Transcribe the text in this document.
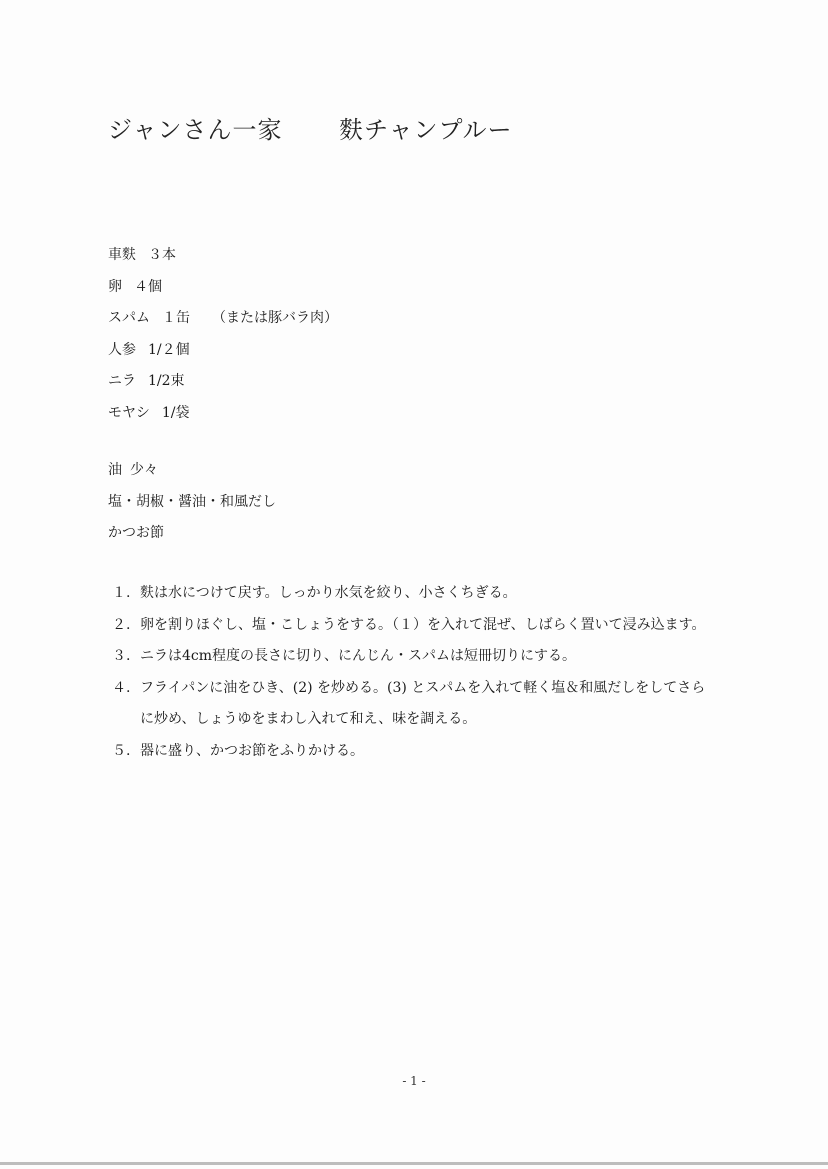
ジャンさん一家 麩チャンプルー
車麩 ３本
卵 ４個
スパム １缶 （または豚バラ肉）
人参 1/２個
ニラ 1/2束
モヤシ 1/袋
油 少々
塩・胡椒・醤油・和風だし
かつお節
１. 麩は水につけて戻す。しっかり水気を絞り、小さくちぎる。
２. 卵を割りほぐし、塩・こしょうをする。（１）を入れて混ぜ、しばらく置いて浸み込ます。
３. ニラは4cm程度の長さに切り、にんじん・スパムは短冊切りにする。
４. フライパンに油をひき、(2) を炒める。(3) とスパムを入れて軽く塩＆和風だしをしてさらに炒め、しょうゆをまわし入れて和え、味を調える。
５. 器に盛り、かつお節をふりかける。
- 1 -
